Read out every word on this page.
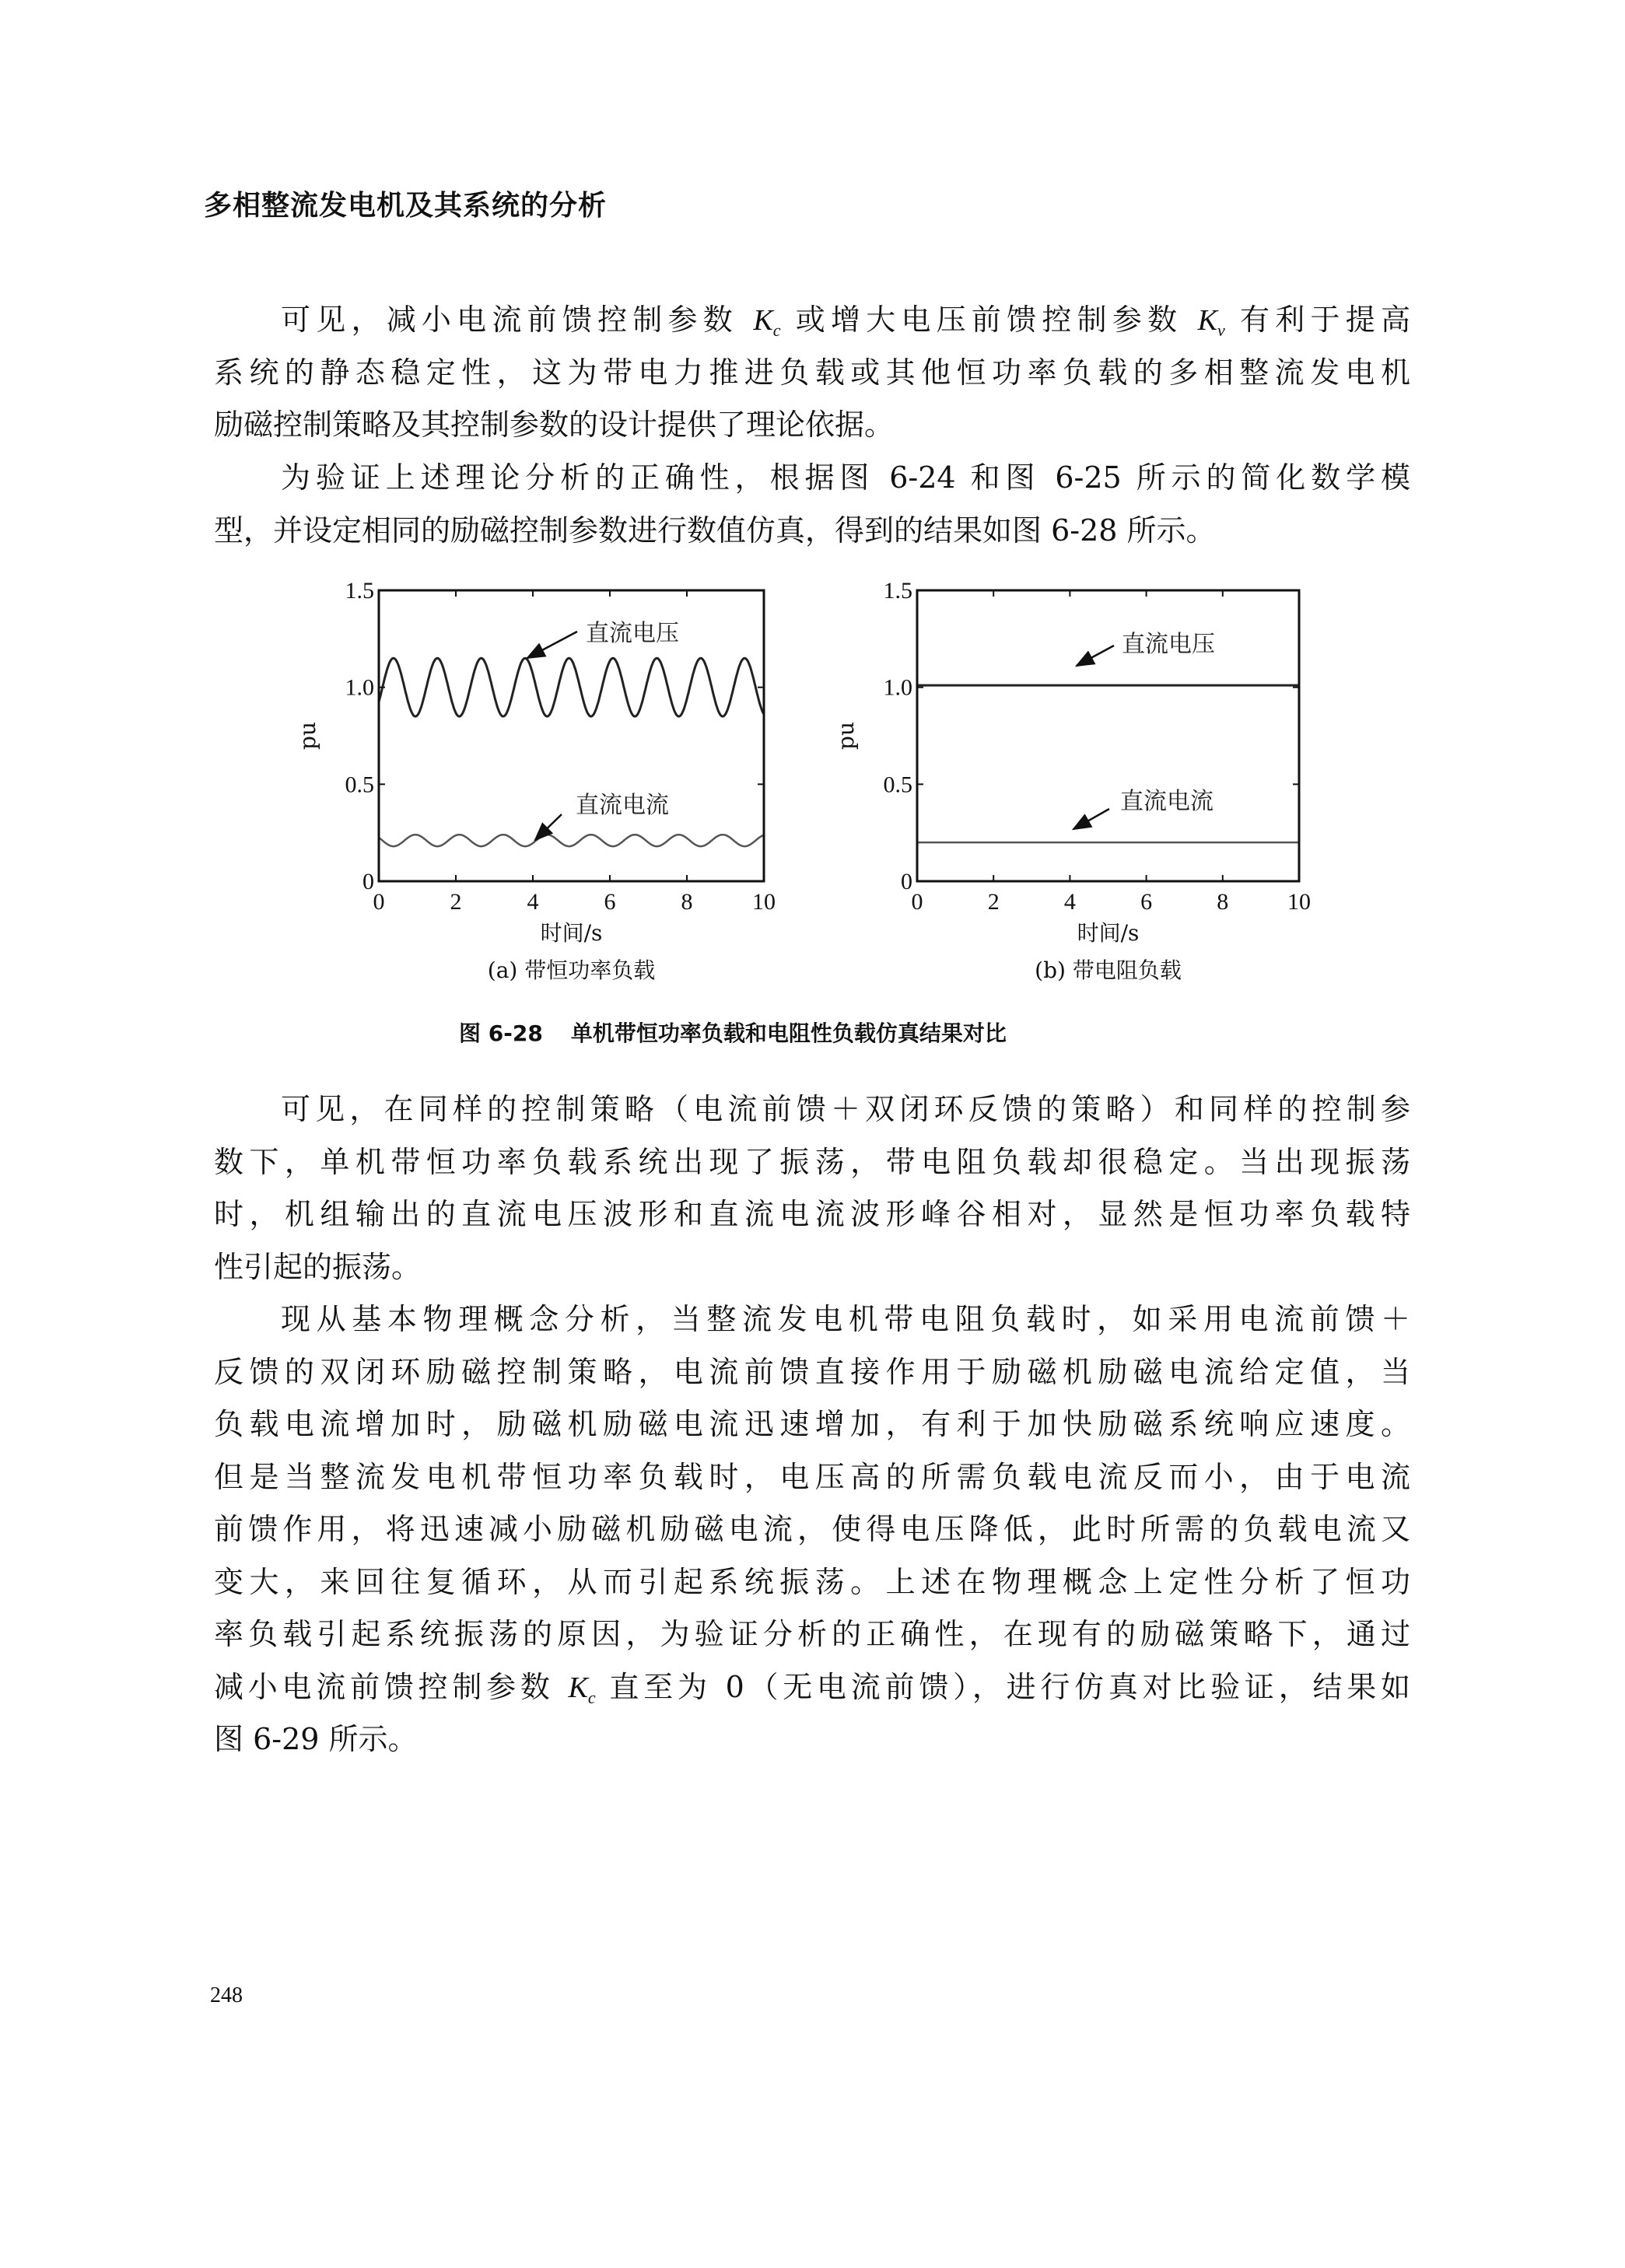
多相整流发电机及其系统的分析
可见，减小电流前馈控制参数 $K_c$ 或增大电压前馈控制参数 $K_v$ 有利于提高
系统的静态稳定性，这为带电力推进负载或其他恒功率负载的多相整流发电机
励磁控制策略及其控制参数的设计提供了理论依据。
为验证上述理论分析的正确性，根据图 6-24 和图 6-25 所示的简化数学模
型，并设定相同的励磁控制参数进行数值仿真，得到的结果如图 6-28 所示。
直流电压
直流电流
0	2	4	6	8	10
0
0.5
1.0
1.5
时间/s
pu
(a) 带恒功率负载
直流电压
直流电流
0	2	4	6	8	10
0
0.5
1.0
1.5
时间/s
pu
(b) 带电阻负载
图 6-28 单机带恒功率负载和电阻性负载仿真结果对比
可见，在同样的控制策略（电流前馈＋双闭环反馈的策略）和同样的控制参
数下，单机带恒功率负载系统出现了振荡，带电阻负载却很稳定。当出现振荡
时，机组输出的直流电压波形和直流电流波形峰谷相对，显然是恒功率负载特
性引起的振荡。
现从基本物理概念分析，当整流发电机带电阻负载时，如采用电流前馈＋
反馈的双闭环励磁控制策略，电流前馈直接作用于励磁机励磁电流给定值，当
负载电流增加时，励磁机励磁电流迅速增加，有利于加快励磁系统响应速度。
但是当整流发电机带恒功率负载时，电压高的所需负载电流反而小，由于电流
前馈作用，将迅速减小励磁机励磁电流，使得电压降低，此时所需的负载电流又
变大，来回往复循环，从而引起系统振荡。上述在物理概念上定性分析了恒功
率负载引起系统振荡的原因，为验证分析的正确性，在现有的励磁策略下，通过
减小电流前馈控制参数 $K_c$ 直至为 0（无电流前馈），进行仿真对比验证，结果如
图 6-29 所示。
248
